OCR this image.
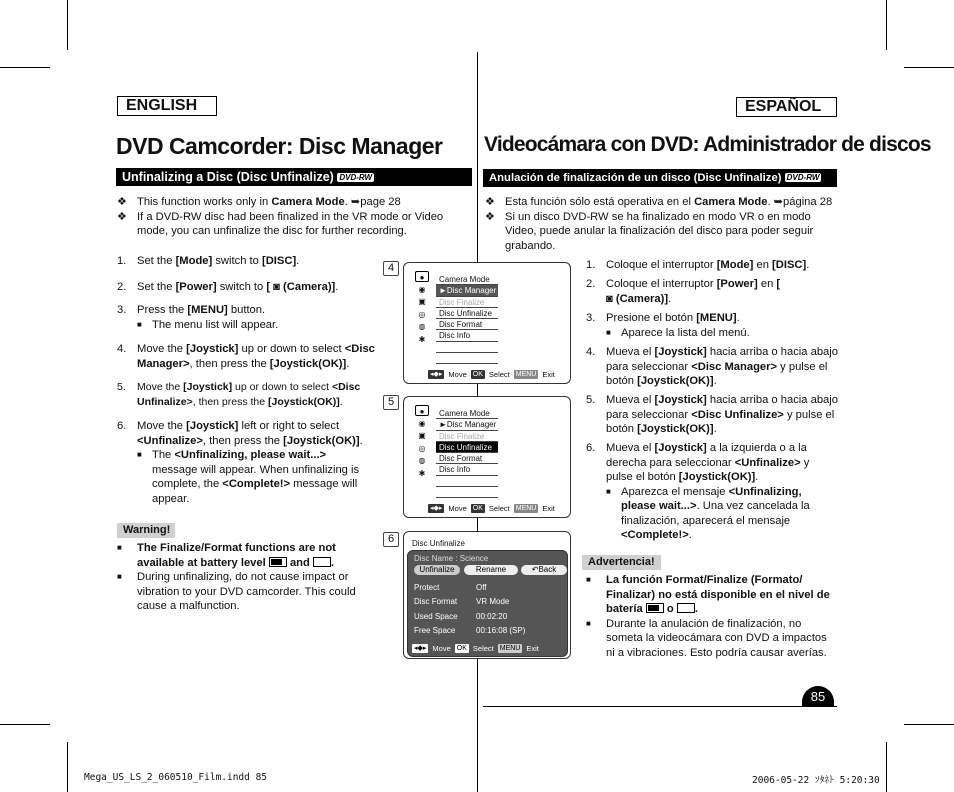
ENGLISH	ESPAÑOL
DVD Camcorder: Disc Manager Videocámara con DVD: Administrador de discos
Unfinalizing a Disc (Disc Unfinalize) DVD-RW	Anulación de finalización de un disco (Disc Unfinalize) DVD-RW
❖ This function works only in Camera Mode. ➥page 28
❖ If a DVD-RW disc had been finalized in the VR mode or Video mode, you can unfinalize the disc for further recording.
1. Set the [Mode] switch to [DISC].
2. Set the [Power] switch to [ ◙ (Camera)].
3. Press the [MENU] button.
■ The menu list will appear.
4. Move the [Joystick] up or down to select <Disc Manager>, then press the [Joystick(OK)].
5. Move the [Joystick] up or down to select <Disc Unfinalize>, then press the [Joystick(OK)].
6. Move the [Joystick] left or right to select <Unfinalize>, then press the [Joystick(OK)].
■ The <Unfinalizing, please wait...> message will appear. When unfinalizing is complete, the <Complete!> message will appear.
Warning!
■ The Finalize/Format functions are not available at battery level  and .
■ During unfinalizing, do not cause impact or vibration to your DVD camcorder. This could cause a malfunction.
4
●
◉
▣
◎
◍
✱
Camera Mode
►Disc Manager
Disc Finalize
Disc Unfinalize
Disc Format
Disc Info
◂◆▸ Move OK Select MENU Exit
5
●
◉
▣
◎
◍
✱
Camera Mode
►Disc Manager
Disc Finalize
Disc Unfinalize
Disc Format
Disc Info
◂◆▸ Move OK Select MENU Exit
6	Disc Unfinalize
Disc Name : Science
Unfinalize	Rename	↶Back
Protect	Off
Disc Format	VR Mode
Used Space	00:02:20
Free Space	00:16:08 (SP)
◂◆▸ Move OK Select MENU Exit
❖ Esta función sólo está operativa en el Camera Mode. ➥página 28
❖ Si un disco DVD-RW se ha finalizado en modo VR o en modo Video, puede anular la finalización del disco para poder seguir grabando.
1. Coloque el interruptor [Mode] en [DISC].
2. Coloque el interruptor [Power] en [ ◙ (Camera)].
3. Presione el botón [MENU].
■ Aparece la lista del menú.
4. Mueva el [Joystick] hacia arriba o hacia abajo para seleccionar <Disc Manager> y pulse el botón [Joystick(OK)].
5. Mueva el [Joystick] hacia arriba o hacia abajo para seleccionar <Disc Unfinalize> y pulse el botón [Joystick(OK)].
6. Mueva el [Joystick] a la izquierda o a la derecha para seleccionar <Unfinalize> y pulse el botón [Joystick(OK)].
■ Aparezca el mensaje <Unfinalizing, please wait...>. Una vez cancelada la finalización, aparecerá el mensaje <Complete!>.
Advertencia!
■ La función Format/Finalize (Formato/ Finalizar) no está disponible en el nivel de batería  o .
■ Durante la anulación de finalización, no someta la videocámara con DVD a impactos ni a vibraciones. Esto podría causar averías.
85
Mega_US_LS_2_060510_Film.indd 85	2006-05-22 ｿﾀﾈﾄ 5:20:30
